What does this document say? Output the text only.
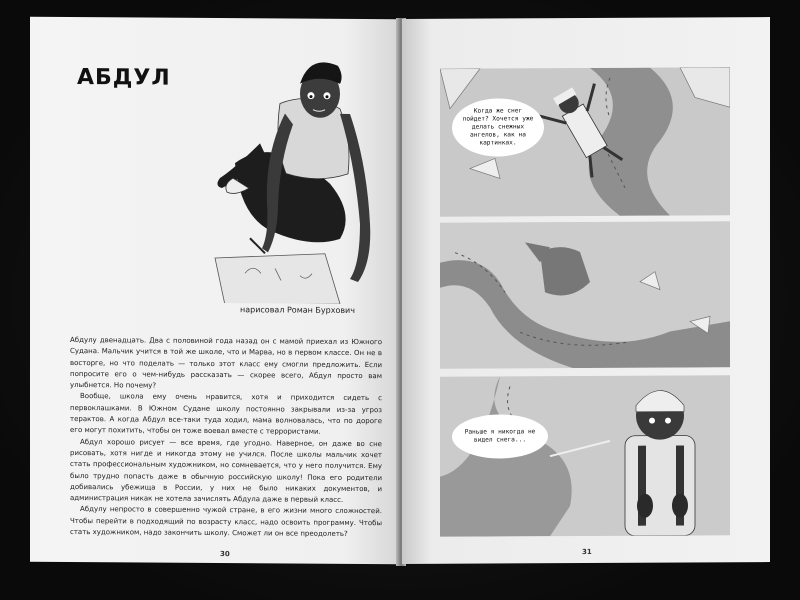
АБДУЛ
нарисовал Роман Бурхович

Абдулу двенадцать. Два с половиной года назад он с мамой приехал из Южного Судана. Мальчик учится в той же школе, что и Марва, но в первом классе. Он не в восторге, но что поделать — только этот класс ему смогли предложить. Если попросите его о чем-нибудь рассказать — скорее всего, Абдул просто вам улыбнется. Но почему?

Вообще, школа ему очень нравится, хотя и приходится сидеть с первоклашками. В Южном Судане школу постоянно закрывали из-за угроз терактов. А когда Абдул все-таки туда ходил, мама волновалась, что по дороге его могут похитить, чтобы он тоже воевал вместе с террористами.

Абдул хорошо рисует — все время, где угодно. Наверное, он даже во сне рисовать, хотя нигде и никогда этому не учился. После школы мальчик хочет стать профессиональным художником, но сомневается, что у него получится. Ему было трудно попасть даже в обычную российскую школу! Пока его родители добивались убежища в России, у них не было никаких документов, и администрация никак не хотела зачислять Абдула даже в первый класс.

Абдулу непросто в совершенно чужой стране, в его жизни много сложностей. Чтобы перейти в подходящий по возрасту класс, надо освоить программу. Чтобы стать художником, надо закончить школу. Сможет ли он все преодолеть?

30
Когда же снег пойдет? Хочется уже делать снежных ангелов, как на картинках.
Раньше я никогда не видел снега...
31
